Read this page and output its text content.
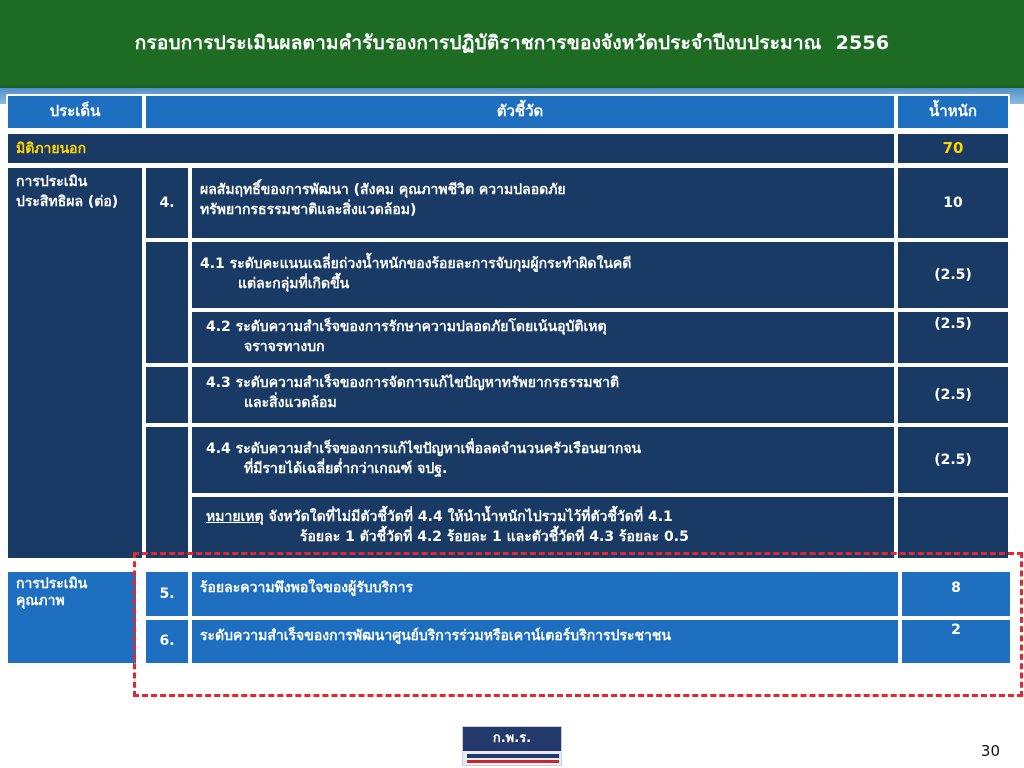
กรอบการประเมินผลตามคำรับรองการปฏิบัติราชการของจังหวัดประจำปีงบประมาณ 2556
ประเด็น	ตัวชี้วัด	น้ำหนัก
มิติภายนอก	70
การประเมินประสิทธิผล (ต่อ)	4.
ผลสัมฤทธิ์ของการพัฒนา (สังคม คุณภาพชีวิต ความปลอดภัย
ทรัพยากรธรรมชาติและสิ่งแวดล้อม)	10
4.1 ระดับคะแนนเฉลี่ยถ่วงน้ำหนักของร้อยละการจับกุมผู้กระทำผิดในคดี
แต่ละกลุ่มที่เกิดขึ้น
(2.5)
4.2 ระดับความสำเร็จของการรักษาความปลอดภัยโดยเน้นอุบัติเหตุ
จราจรทางบก
(2.5)
4.3 ระดับความสำเร็จของการจัดการแก้ไขปัญหาทรัพยากรธรรมชาติ
และสิ่งแวดล้อม
(2.5)
4.4 ระดับความสำเร็จของการแก้ไขปัญหาเพื่อลดจำนวนครัวเรือนยากจน
ที่มีรายได้เฉลี่ยต่ำกว่าเกณฑ์ จปฐ.
(2.5)
หมายเหตุ จังหวัดใดที่ไม่มีตัวชี้วัดที่ 4.4 ให้นำน้ำหนักไปรวมไว้ที่ตัวชี้วัดที่ 4.1
ร้อยละ 1 ตัวชี้วัดที่ 4.2 ร้อยละ 1 และตัวชี้วัดที่ 4.3 ร้อยละ 0.5
การประเมินคุณภาพ	5.	ร้อยละความพึงพอใจของผู้รับบริการ	8
6.	ระดับความสำเร็จของการพัฒนาศูนย์บริการร่วมหรือเคาน์เตอร์บริการประชาชน	2
ก.พ.ร.
30
